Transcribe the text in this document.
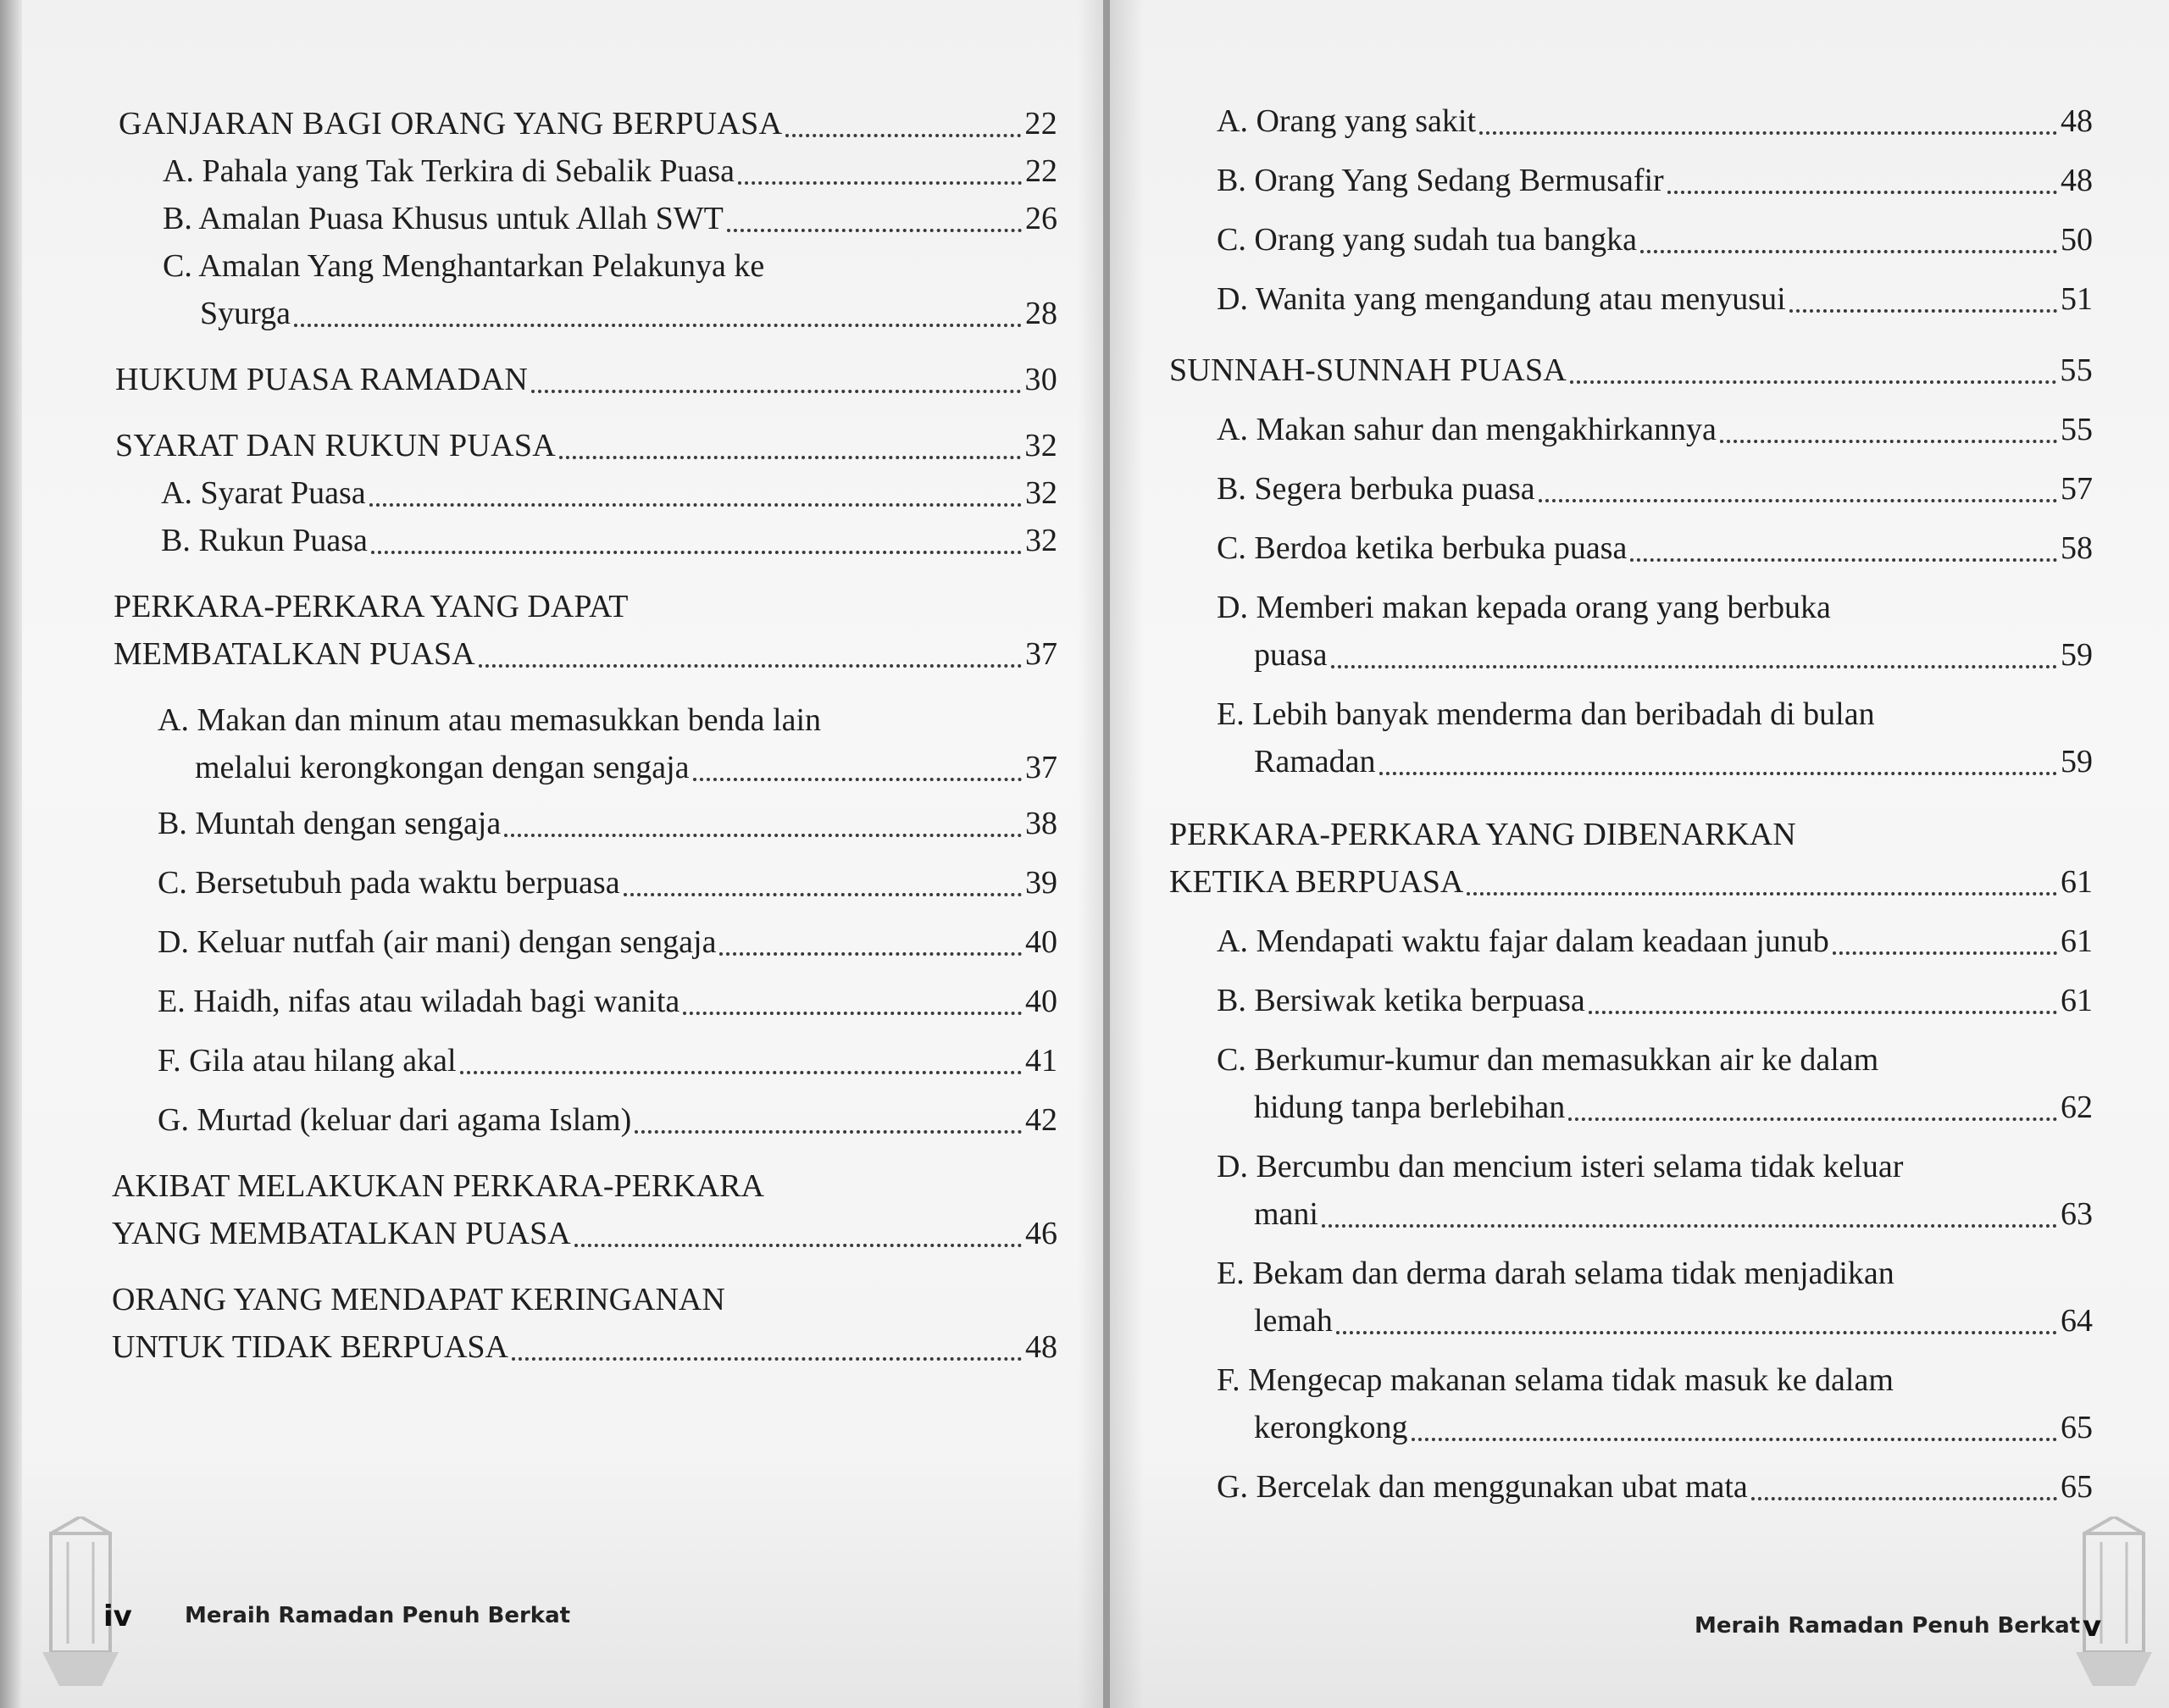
GANJARAN BAGI ORANG YANG BERPUASA	22
A. Pahala yang Tak Terkira di Sebalik Puasa	22
B. Amalan Puasa Khusus untuk Allah SWT	26
C. Amalan Yang Menghantarkan Pelakunya ke
Syurga	28
HUKUM PUASA RAMADAN	30
SYARAT DAN RUKUN PUASA	32
A. Syarat Puasa	32
B. Rukun Puasa	32
PERKARA-PERKARA YANG DAPAT
MEMBATALKAN PUASA	37
A. Makan dan minum atau memasukkan benda lain
melalui kerongkongan dengan sengaja	37
B. Muntah dengan sengaja	38
C. Bersetubuh pada waktu berpuasa	39
D. Keluar nutfah (air mani) dengan sengaja	40
E. Haidh, nifas atau wiladah bagi wanita	40
F. Gila atau hilang akal	41
G. Murtad (keluar dari agama Islam)	42
AKIBAT MELAKUKAN PERKARA-PERKARA
YANG MEMBATALKAN PUASA	46
ORANG YANG MENDAPAT KERINGANAN
UNTUK TIDAK BERPUASA	48
iv Meraih Ramadan Penuh Berkat
A. Orang yang sakit	48
B. Orang Yang Sedang Bermusafir	48
C. Orang yang sudah tua bangka	50
D. Wanita yang mengandung atau menyusui	51
SUNNAH-SUNNAH PUASA	55
A. Makan sahur dan mengakhirkannya	55
B. Segera berbuka puasa	57
C. Berdoa ketika berbuka puasa	58
D. Memberi makan kepada orang yang berbuka
puasa	59
E. Lebih banyak menderma dan beribadah di bulan
Ramadan	59
PERKARA-PERKARA YANG DIBENARKAN
KETIKA BERPUASA	61
A. Mendapati waktu fajar dalam keadaan junub	61
B. Bersiwak ketika berpuasa	61
C. Berkumur-kumur dan memasukkan air ke dalam
hidung tanpa berlebihan	62
D. Bercumbu dan mencium isteri selama tidak keluar
mani	63
E. Bekam dan derma darah selama tidak menjadikan
lemah	64
F. Mengecap makanan selama tidak masuk ke dalam
kerongkong	65
G. Bercelak dan menggunakan ubat mata	65
Meraih Ramadan Penuh Berkat v
